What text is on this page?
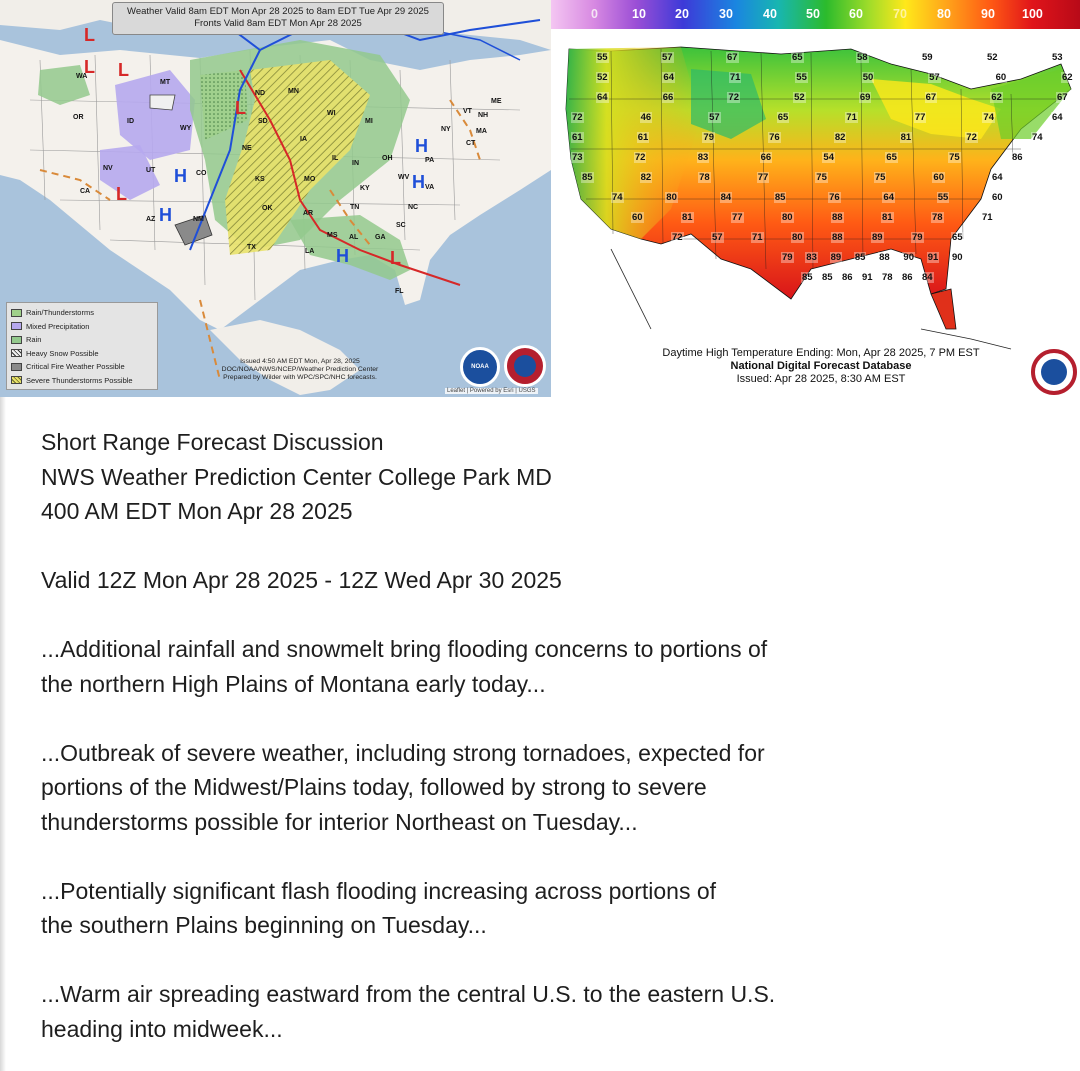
WA
OR
MT
ID
WY
NV	UT	CO
CA
AZ	NM
ND
SD
NE
KS
OK
TX
MN
IA
MO
AR
LA
WI
IL
IN
OH
MI
KY
TN
MS AL GA
FL
SC
NC
VA
WV
PA
NY
ME
VT
NH
MA
CT
H
H
H
H
H
L
L L
L
L
L
Weather Valid 8am EDT Mon Apr 28 2025 to 8am EDT Tue Apr 29 2025
Fronts Valid 8am EDT Mon Apr 28 2025
Rain/Thunderstorms
Mixed Precipitation
Rain
Heavy Snow Possible
Critical Fire Weather Possible
Severe Thunderstorms Possible
Issued 4:50 AM EDT Mon, Apr 28, 2025
DOC/NOAA/NWS/NCEP/Weather Prediction Center
Prepared by Wilder with WPC/SPC/NHC forecasts.
NOAA
Leaflet | Powered by Esri | USGS
0	10 20 30 40 50 60 70 80 90 100
55	57	67	65	58	59	52	53
52	64	71	55	50	57	60	62
64	66	72	52	69	67	62	67
72	46	57	65	71	77	74	64
61	61	79	76	82	81	72	74
73	72	83	66	54	65	75	86
85	82	78	77	75	75	60	64
74	80	84	85	76	64	55	60
60	81	77	80	88	81	78	71
72	57	71	80	88	89	79	65
79 83 89 85 88 90 91 90
85 85 86 91 78 86 84
Daytime High Temperature Ending: Mon, Apr 28 2025, 7 PM EST
National Digital Forecast Database
Issued: Apr 28 2025, 8:30 AM EST

Short Range Forecast Discussion

NWS Weather Prediction Center College Park MD

400 AM EDT Mon Apr 28 2025

Valid 12Z Mon Apr 28 2025 - 12Z Wed Apr 30 2025

...Additional rainfall and snowmelt bring flooding concerns to portions of

the northern High Plains of Montana early today...

...Outbreak of severe weather, including strong tornadoes, expected for

portions of the Midwest/Plains today, followed by strong to severe

thunderstorms possible for interior Northeast on Tuesday...

...Potentially significant flash flooding increasing across portions of

the southern Plains beginning on Tuesday...

...Warm air spreading eastward from the central U.S. to the eastern U.S.

heading into midweek...
